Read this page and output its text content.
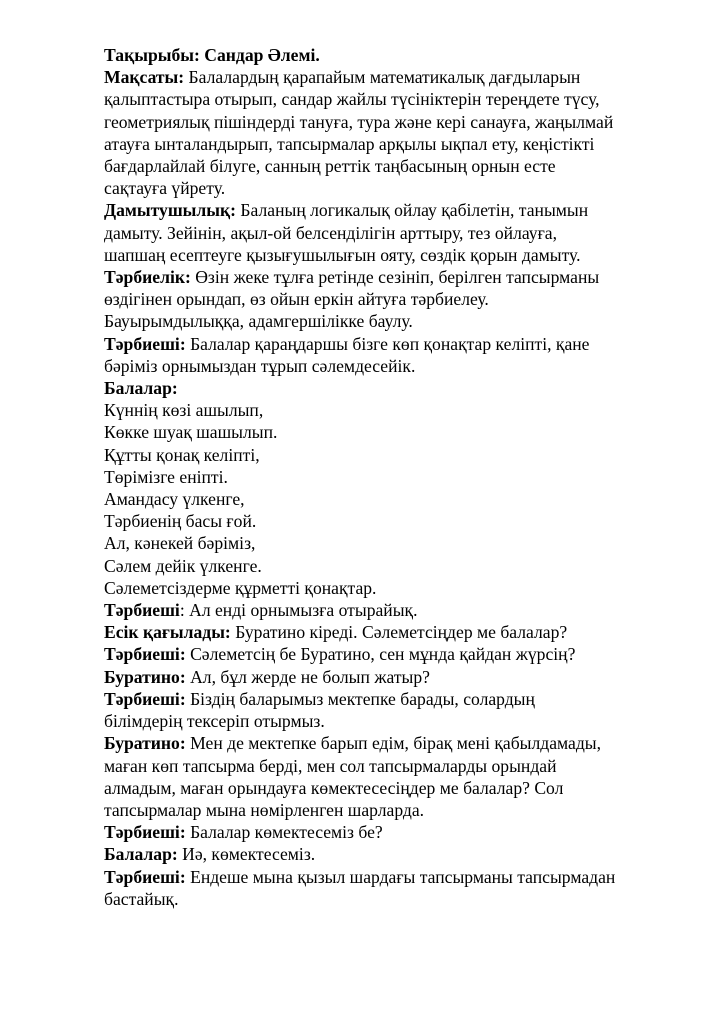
Тақырыбы: Сандар Әлемі.

Мақсаты: Балалардың қарапайым математикалық дағдыларын

қалыптастыра отырып, сандар жайлы түсініктерін тереңдете түсу,

геометриялық пішіндерді тануға, тура және кері санауға, жаңылмай

атауға ынталандырып, тапсырмалар арқылы ықпал ету, кеңістікті

бағдарлайлай білуге, санның реттік таңбасының орнын есте

сақтауға үйрету.

Дамытушылық: Баланың логикалық ойлау қабілетін, танымын

дамыту. Зейінін, ақыл-ой белсенділігін арттыру, тез ойлауға,

шапшаң есептеуге қызығушылығын ояту, сөздік қорын дамыту.

Тәрбиелік: Өзін жеке тұлға ретінде сезініп, берілген тапсырманы

өздігінен орындап, өз ойын еркін айтуға тәрбиелеу.

Бауырымдылыққа, адамгершілікке баулу.

Тәрбиеші: Балалар қараңдаршы бізге көп қонақтар келіпті, қане

бәріміз орнымыздан тұрып сәлемдесейік.

Балалар:

Күннің көзі ашылып,

Көкке шуақ шашылып.

Құтты қонақ келіпті,

Төрімізге еніпті.

Амандасу үлкенге,

Тәрбиенің басы ғой.

Ал, кәнекей бәріміз,

Сәлем дейік үлкенге.

Сәлеметсіздерме құрметті қонақтар.

Тәрбиеші: Ал енді орнымызға отырайық.

Есік қағылады: Буратино кіреді. Сәлеметсіңдер ме балалар?

Тәрбиеші: Сәлеметсің бе Буратино, сен мұнда қайдан жүрсің?

Буратино: Ал, бұл жерде не болып жатыр?

Тәрбиеші: Біздің баларымыз мектепке барады, солардың

білімдерің тексеріп отырмыз.

Буратино: Мен де мектепке барып едім, бірақ мені қабылдамады,

маған көп тапсырма берді, мен сол тапсырмаларды орындай

алмадым, маған орындауға көмектесесіңдер ме балалар? Сол

тапсырмалар мына нөмірленген шарларда.

Тәрбиеші: Балалар көмектесеміз бе?

Балалар: Иә, көмектесеміз.

Тәрбиеші: Ендеше мына қызыл шардағы тапсырманы тапсырмадан

бастайық.
